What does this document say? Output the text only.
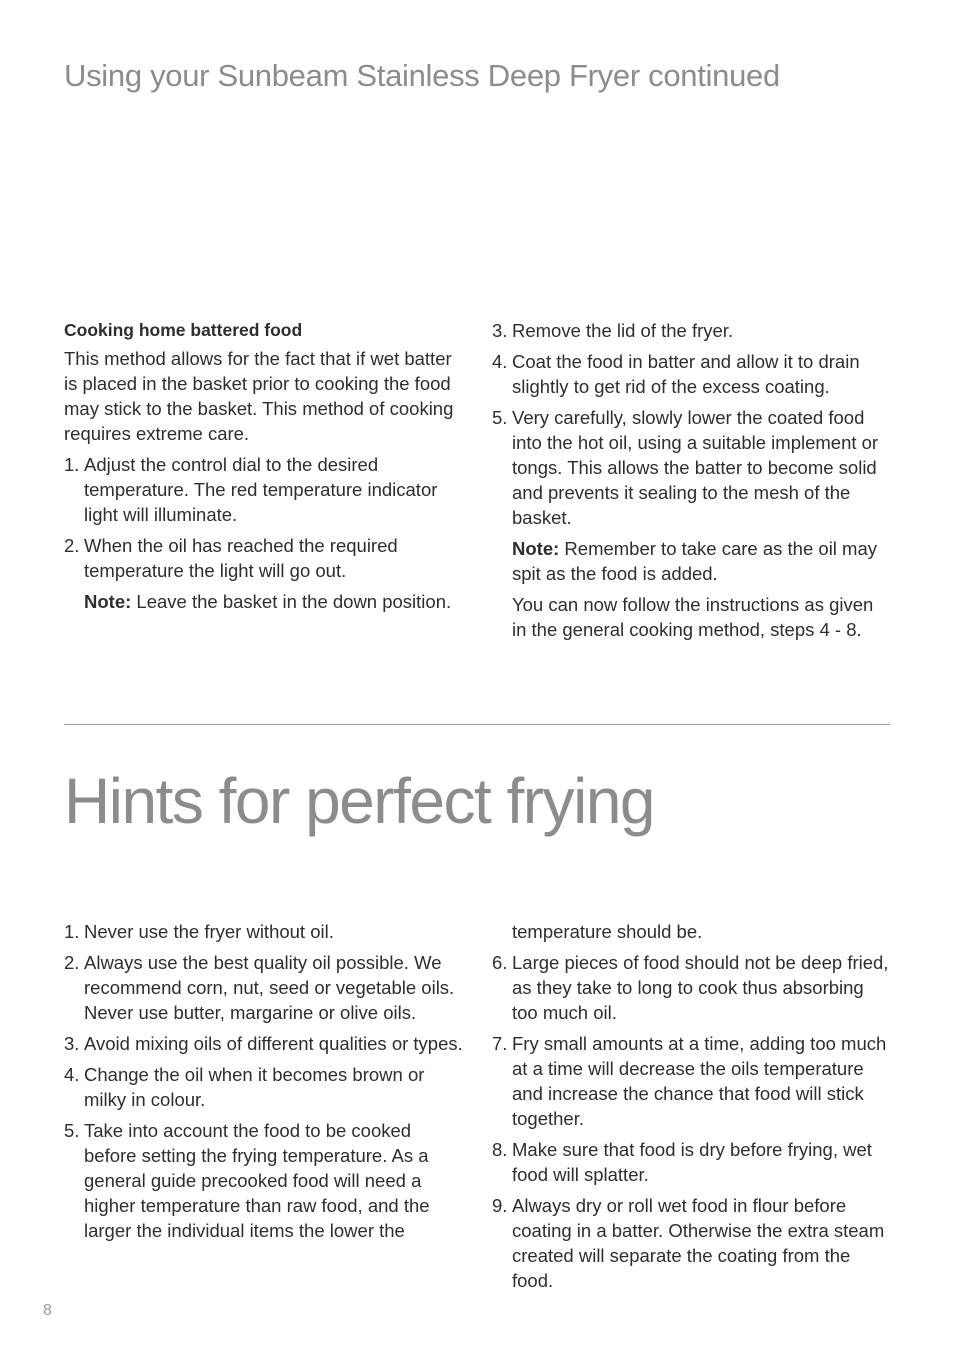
Using your Sunbeam Stainless Deep Fryer continued

Cooking home battered food

This method allows for the fact that if wet batter is placed in the basket prior to cooking the food may stick to the basket. This method of cooking requires extreme care.

1. Adjust the control dial to the desired temperature. The red temperature indicator light will illuminate.
2. When the oil has reached the required temperature the light will go out.

Note: Leave the basket in the down position.

3. Remove the lid of the fryer.
4. Coat the food in batter and allow it to drain slightly to get rid of the excess coating.
5. Very carefully, slowly lower the coated food into the hot oil, using a suitable implement or tongs. This allows the batter to become solid and prevents it sealing to the mesh of the basket.

Note: Remember to take care as the oil may spit as the food is added.

You can now follow the instructions as given in the general cooking method, steps 4 - 8.

Hints for perfect frying
1. Never use the fryer without oil.
2. Always use the best quality oil possible. We recommend corn, nut, seed or vegetable oils. Never use butter, margarine or olive oils.
3. Avoid mixing oils of different qualities or types.
4. Change the oil when it becomes brown or milky in colour.
5. Take into account the food to be cooked before setting the frying temperature. As a general guide precooked food will need a higher temperature than raw food, and the larger the individual items the lower the

temperature should be.

6. Large pieces of food should not be deep fried, as they take to long to cook thus absorbing too much oil.
7. Fry small amounts at a time, adding too much at a time will decrease the oils temperature and increase the chance that food will stick together.
8. Make sure that food is dry before frying, wet food will splatter.
9. Always dry or roll wet food in flour before coating in a batter. Otherwise the extra steam created will separate the coating from the food.
8
